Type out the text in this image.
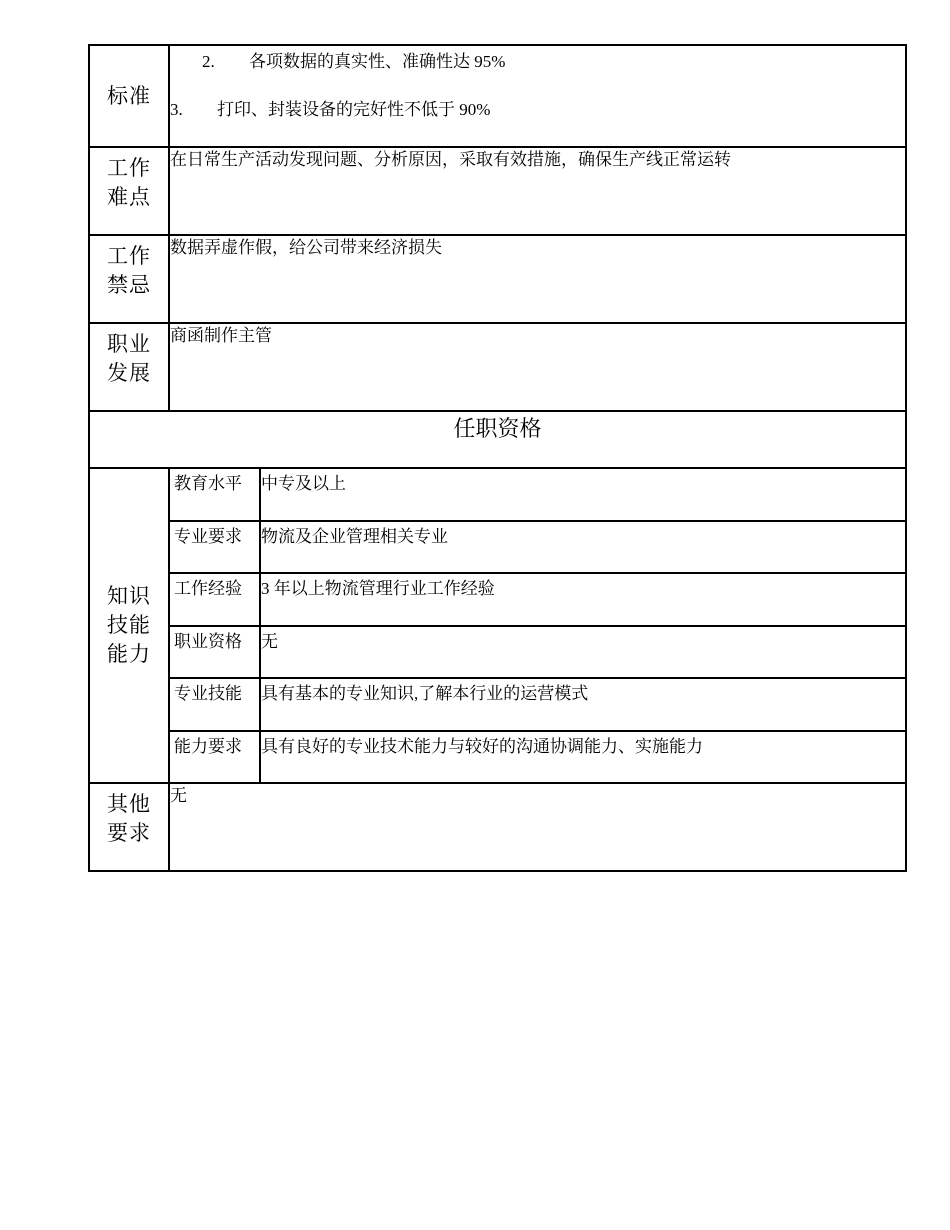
标准	2. 各项数据的真实性、准确性达 95%
3. 打印、封装设备的完好性不低于 90%	

工作
难点	在日常生产活动发现问题、分析原因，采取有效措施，确保生产线正常运转	

工作
禁忌	数据弄虚作假，给公司带来经济损失	

职业
发展	商函制作主管	
任职资格		

知识
技能
能力	教育水平	中专及以上
	专业要求	物流及企业管理相关专业
	工作经验	3 年以上物流管理行业工作经验
	职业资格	无
	专业技能	具有基本的专业知识,了解本行业的运营模式
	能力要求	具有良好的专业技术能力与较好的沟通协调能力、实施能力

其他
要求	无	
